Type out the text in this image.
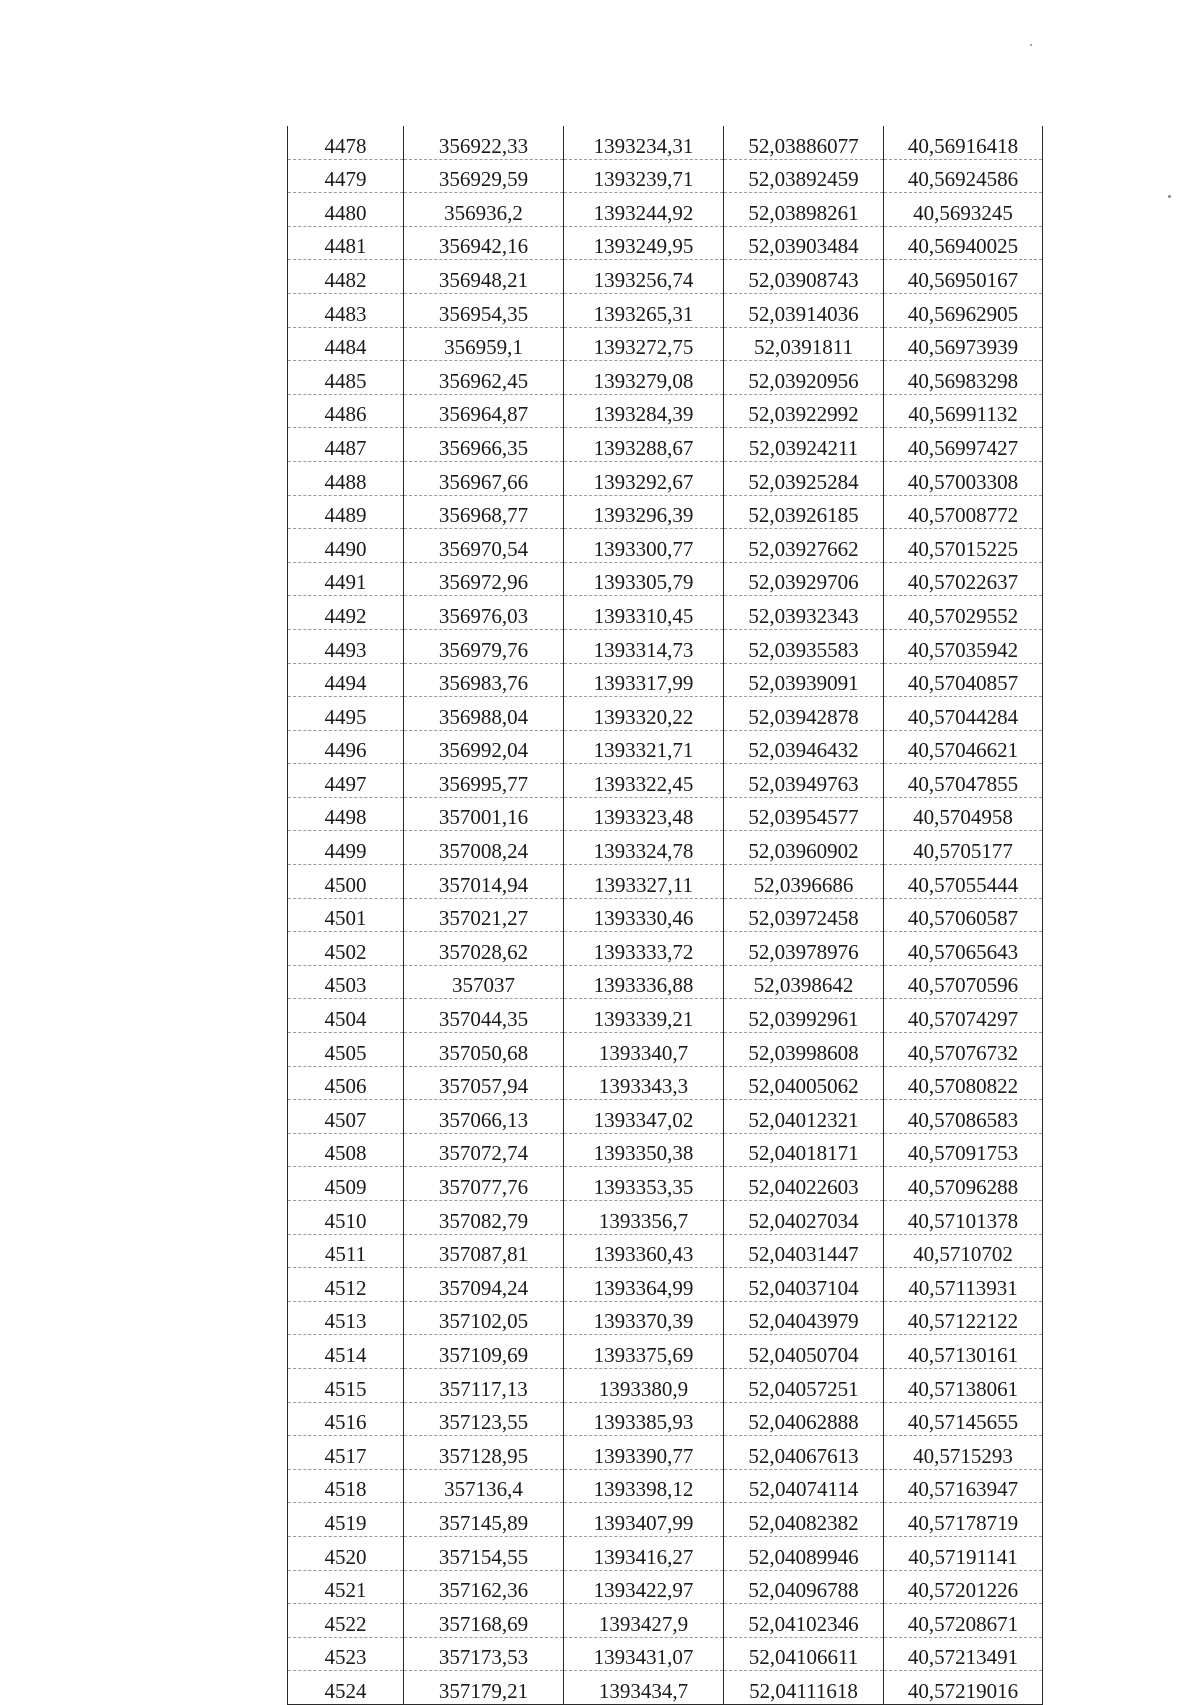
4478	356922,33	1393234,31	52,03886077	40,56916418
4479	356929,59	1393239,71	52,03892459	40,56924586
4480	356936,2	1393244,92	52,03898261	40,5693245
4481	356942,16	1393249,95	52,03903484	40,56940025
4482	356948,21	1393256,74	52,03908743	40,56950167
4483	356954,35	1393265,31	52,03914036	40,56962905
4484	356959,1	1393272,75	52,0391811	40,56973939
4485	356962,45	1393279,08	52,03920956	40,56983298
4486	356964,87	1393284,39	52,03922992	40,56991132
4487	356966,35	1393288,67	52,03924211	40,56997427
4488	356967,66	1393292,67	52,03925284	40,57003308
4489	356968,77	1393296,39	52,03926185	40,57008772
4490	356970,54	1393300,77	52,03927662	40,57015225
4491	356972,96	1393305,79	52,03929706	40,57022637
4492	356976,03	1393310,45	52,03932343	40,57029552
4493	356979,76	1393314,73	52,03935583	40,57035942
4494	356983,76	1393317,99	52,03939091	40,57040857
4495	356988,04	1393320,22	52,03942878	40,57044284
4496	356992,04	1393321,71	52,03946432	40,57046621
4497	356995,77	1393322,45	52,03949763	40,57047855
4498	357001,16	1393323,48	52,03954577	40,5704958
4499	357008,24	1393324,78	52,03960902	40,5705177
4500	357014,94	1393327,11	52,0396686	40,57055444
4501	357021,27	1393330,46	52,03972458	40,57060587
4502	357028,62	1393333,72	52,03978976	40,57065643
4503	357037	1393336,88	52,0398642	40,57070596
4504	357044,35	1393339,21	52,03992961	40,57074297
4505	357050,68	1393340,7	52,03998608	40,57076732
4506	357057,94	1393343,3	52,04005062	40,57080822
4507	357066,13	1393347,02	52,04012321	40,57086583
4508	357072,74	1393350,38	52,04018171	40,57091753
4509	357077,76	1393353,35	52,04022603	40,57096288
4510	357082,79	1393356,7	52,04027034	40,57101378
4511	357087,81	1393360,43	52,04031447	40,5710702
4512	357094,24	1393364,99	52,04037104	40,57113931
4513	357102,05	1393370,39	52,04043979	40,57122122
4514	357109,69	1393375,69	52,04050704	40,57130161
4515	357117,13	1393380,9	52,04057251	40,57138061
4516	357123,55	1393385,93	52,04062888	40,57145655
4517	357128,95	1393390,77	52,04067613	40,5715293
4518	357136,4	1393398,12	52,04074114	40,57163947
4519	357145,89	1393407,99	52,04082382	40,57178719
4520	357154,55	1393416,27	52,04089946	40,57191141
4521	357162,36	1393422,97	52,04096788	40,57201226
4522	357168,69	1393427,9	52,04102346	40,57208671
4523	357173,53	1393431,07	52,04106611	40,57213491
4524	357179,21	1393434,7	52,04111618	40,57219016
